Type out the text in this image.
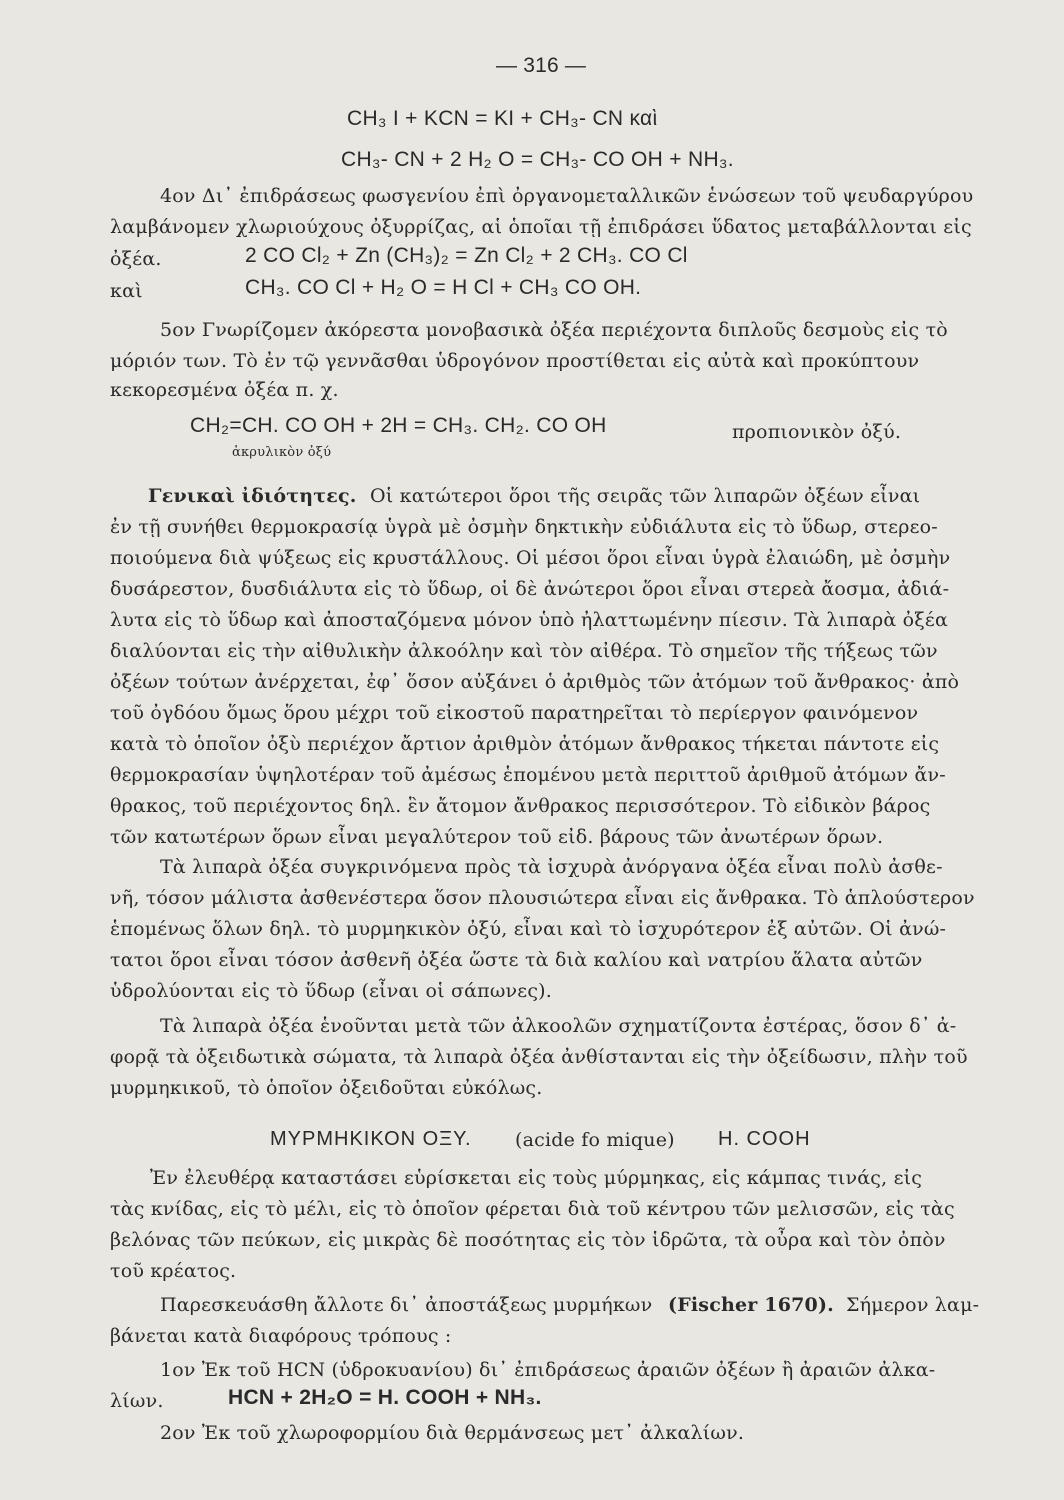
— 316 —
CH₃ I + KCN = KI + CH₃- CN καὶ
CH₃- CN + 2 H₂ O = CH₃- CO OH + NH₃.
4ον Δι᾽ ἐπιδράσεως φωσγενίου ἐπὶ ὀργανομεταλλικῶν ἑνώσεων τοῦ ψευδαργύρου
λαμβάνομεν χλωριούχους ὀξυρρίζας, αἱ ὁποῖαι τῇ ἐπιδράσει ὕδατος μεταβάλλονται εἰς
ὀξέα.	2 CO Cl₂ + Zn (CH₃)₂ = Zn Cl₂ + 2 CH₃. CO Cl
καὶ	CH₃. CO Cl + H₂ O = H Cl + CH₃ CO OH.
5ον Γνωρίζομεν ἀκόρεστα μονοβασικὰ ὀξέα περιέχοντα διπλοῦς δεσμοὺς εἰς τὸ
μόριόν των. Τὸ ἐν τῷ γεννᾶσθαι ὑδρογόνον προστίθεται εἰς αὐτὰ καὶ προκύπτουν
κεκορεσμένα ὀξέα π. χ.
CH₂=CH. CO OH + 2H = CH₃. CH₂. CO OH	προπιονικὸν ὀξύ.
ἀκρυλικὸν ὀξύ
Γενικαὶ ἰδιότητες. Οἱ κατώτεροι ὅροι τῆς σειρᾶς τῶν λιπαρῶν ὀξέων εἶναι
ἐν τῇ συνήθει θερμοκρασίᾳ ὑγρὰ μὲ ὀσμὴν δηκτικὴν εὐδιάλυτα εἰς τὸ ὕδωρ, στερεο-
ποιούμενα διὰ ψύξεως εἰς κρυστάλλους. Οἱ μέσοι ὅροι εἶναι ὑγρὰ ἐλαιώδη, μὲ ὀσμὴν
δυσάρεστον, δυσδιάλυτα εἰς τὸ ὕδωρ, οἱ δὲ ἀνώτεροι ὅροι εἶναι στερεὰ ἄοσμα, ἀδιά-
λυτα εἰς τὸ ὕδωρ καὶ ἀποσταζόμενα μόνον ὑπὸ ἠλαττωμένην πίεσιν. Τὰ λιπαρὰ ὀξέα
διαλύονται εἰς τὴν αἰθυλικὴν ἀλκοόλην καὶ τὸν αἰθέρα. Τὸ σημεῖον τῆς τήξεως τῶν
ὀξέων τούτων ἀνέρχεται, ἐφ᾽ ὅσον αὐξάνει ὁ ἀριθμὸς τῶν ἀτόμων τοῦ ἄνθρακος· ἀπὸ
τοῦ ὀγδόου ὅμως ὅρου μέχρι τοῦ εἰκοστοῦ παρατηρεῖται τὸ περίεργον φαινόμενον
κατὰ τὸ ὁποῖον ὀξὺ περιέχον ἄρτιον ἀριθμὸν ἀτόμων ἄνθρακος τήκεται πάντοτε εἰς
θερμοκρασίαν ὑψηλοτέραν τοῦ ἀμέσως ἑπομένου μετὰ περιττοῦ ἀριθμοῦ ἀτόμων ἄν-
θρακος, τοῦ περιέχοντος δηλ. ἓν ἄτομον ἄνθρακος περισσότερον. Τὸ εἰδικὸν βάρος
τῶν κατωτέρων ὅρων εἶναι μεγαλύτερον τοῦ εἰδ. βάρους τῶν ἀνωτέρων ὅρων.
Τὰ λιπαρὰ ὀξέα συγκρινόμενα πρὸς τὰ ἰσχυρὰ ἀνόργανα ὀξέα εἶναι πολὺ ἀσθε-
νῆ, τόσον μάλιστα ἀσθενέστερα ὅσον πλουσιώτερα εἶναι εἰς ἄνθρακα. Τὸ ἁπλούστερον
ἑπομένως ὅλων δηλ. τὸ μυρμηκικὸν ὀξύ, εἶναι καὶ τὸ ἰσχυρότερον ἐξ αὐτῶν. Οἱ ἀνώ-
τατοι ὅροι εἶναι τόσον ἀσθενῆ ὀξέα ὥστε τὰ διὰ καλίου καὶ νατρίου ἅλατα αὐτῶν
ὑδρολύονται εἰς τὸ ὕδωρ (εἶναι οἱ σάπωνες).
Τὰ λιπαρὰ ὀξέα ἑνοῦνται μετὰ τῶν ἀλκοολῶν σχηματίζοντα ἐστέρας, ὅσον δ᾽ ἀ-
φορᾷ τὰ ὀξειδωτικὰ σώματα, τὰ λιπαρὰ ὀξέα ἀνθίστανται εἰς τὴν ὀξείδωσιν, πλὴν τοῦ
μυρμηκικοῦ, τὸ ὁποῖον ὀξειδοῦται εὐκόλως.
ΜΥΡΜΗΚΙΚΟΝ ΟΞΥ. (acide fo mique) H. COOH
Ἐν ἐλευθέρᾳ καταστάσει εὑρίσκεται εἰς τοὺς μύρμηκας, εἰς κάμπας τινάς, εἰς
τὰς κνίδας, εἰς τὸ μέλι, εἰς τὸ ὁποῖον φέρεται διὰ τοῦ κέντρου τῶν μελισσῶν, εἰς τὰς
βελόνας τῶν πεύκων, εἰς μικρὰς δὲ ποσότητας εἰς τὸν ἱδρῶτα, τὰ οὖρα καὶ τὸν ὀπὸν
τοῦ κρέατος.
Παρεσκευάσθη ἄλλοτε δι᾽ ἀποστάξεως μυρμήκων (Fischer 1670). Σήμερον λαμ-
βάνεται κατὰ διαφόρους τρόπους :
1ον Ἐκ τοῦ HCN (ὑδροκυανίου) δι᾽ ἐπιδράσεως ἀραιῶν ὀξέων ἢ ἀραιῶν ἀλκα-
λίων.	HCN + 2H₂O = H. COOH + NH₃.
2ον Ἐκ τοῦ χλωροφορμίου διὰ θερμάνσεως μετ᾽ ἀλκαλίων.
